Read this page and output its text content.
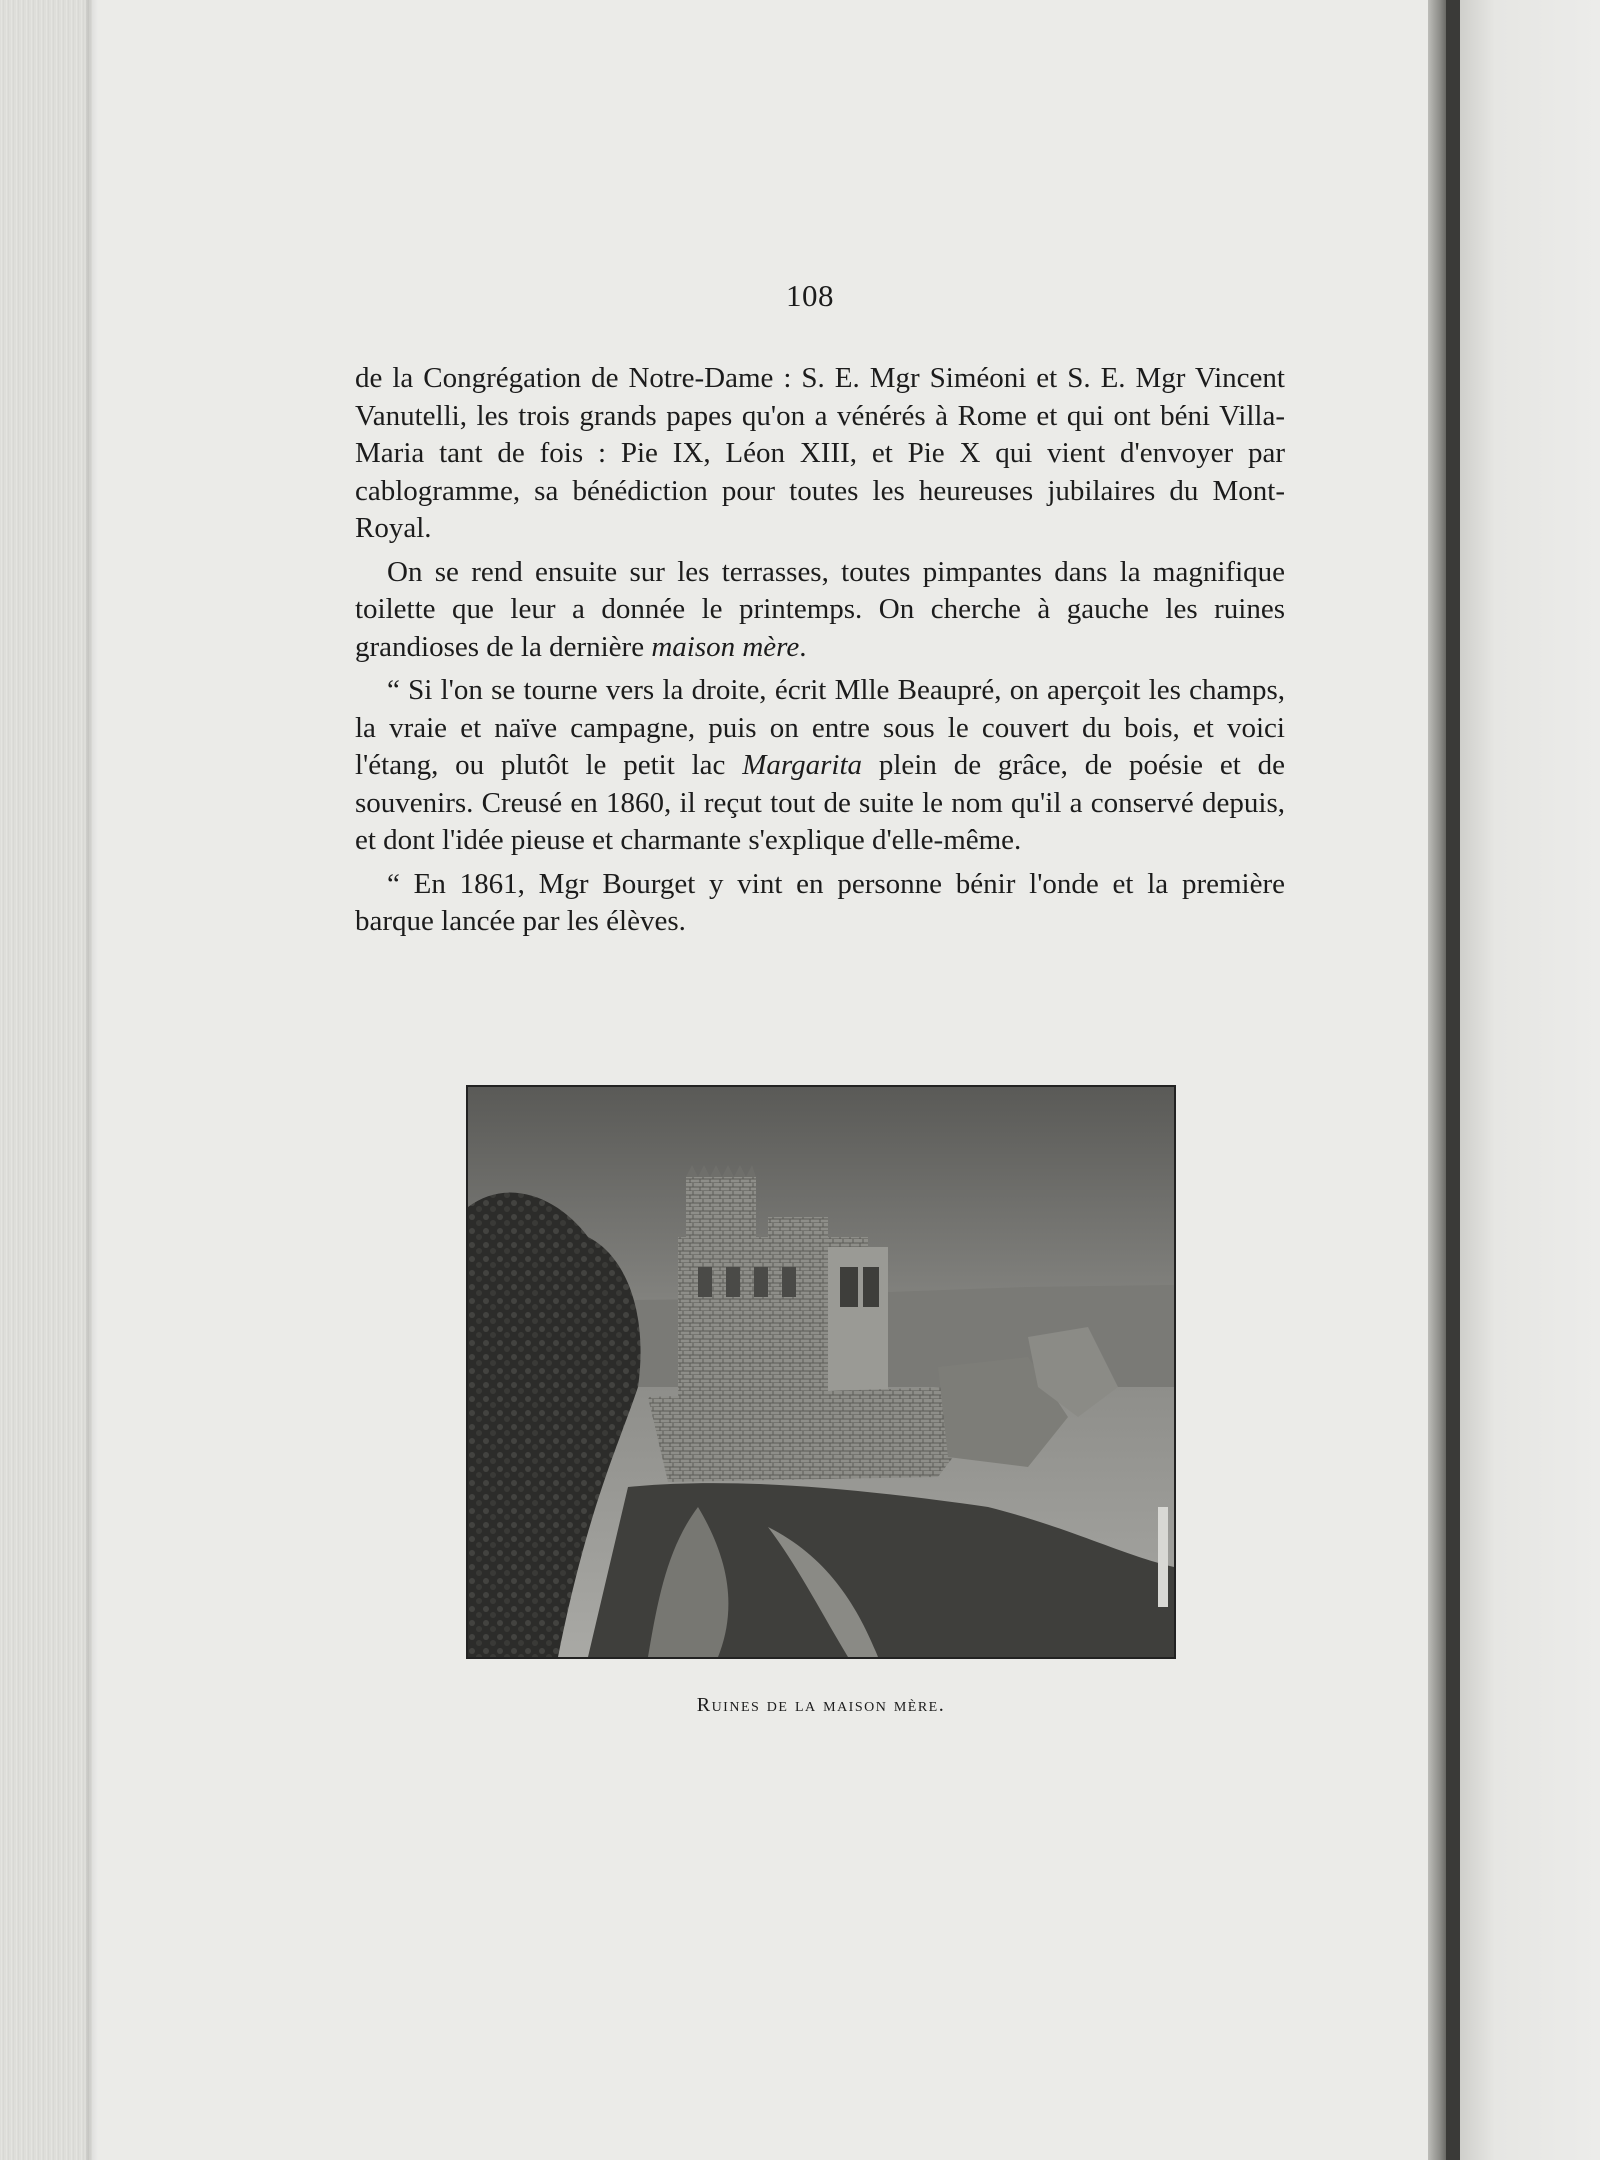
108

de la Congrégation de Notre-Dame : S. E. Mgr Siméoni et S. E. Mgr Vincent Vanutelli, les trois grands papes qu'on a vénérés à Rome et qui ont béni Villa-Maria tant de fois : Pie IX, Léon XIII, et Pie X qui vient d'envoyer par cablogramme, sa bénédiction pour toutes les heureuses jubilaires du Mont-Royal.

On se rend ensuite sur les terrasses, toutes pimpantes dans la magnifique toilette que leur a donnée le printemps. On cherche à gauche les ruines grandioses de la dernière maison mère.

“ Si l'on se tourne vers la droite, écrit Mlle Beaupré, on aperçoit les champs, la vraie et naïve campagne, puis on entre sous le couvert du bois, et voici l'étang, ou plutôt le petit lac Margarita plein de grâce, de poésie et de souvenirs. Creusé en 1860, il reçut tout de suite le nom qu'il a conservé depuis, et dont l'idée pieuse et charmante s'explique d'elle-même.

“ En 1861, Mgr Bourget y vint en personne bénir l'onde et la première barque lancée par les élèves.

Ruines de la maison mère.
